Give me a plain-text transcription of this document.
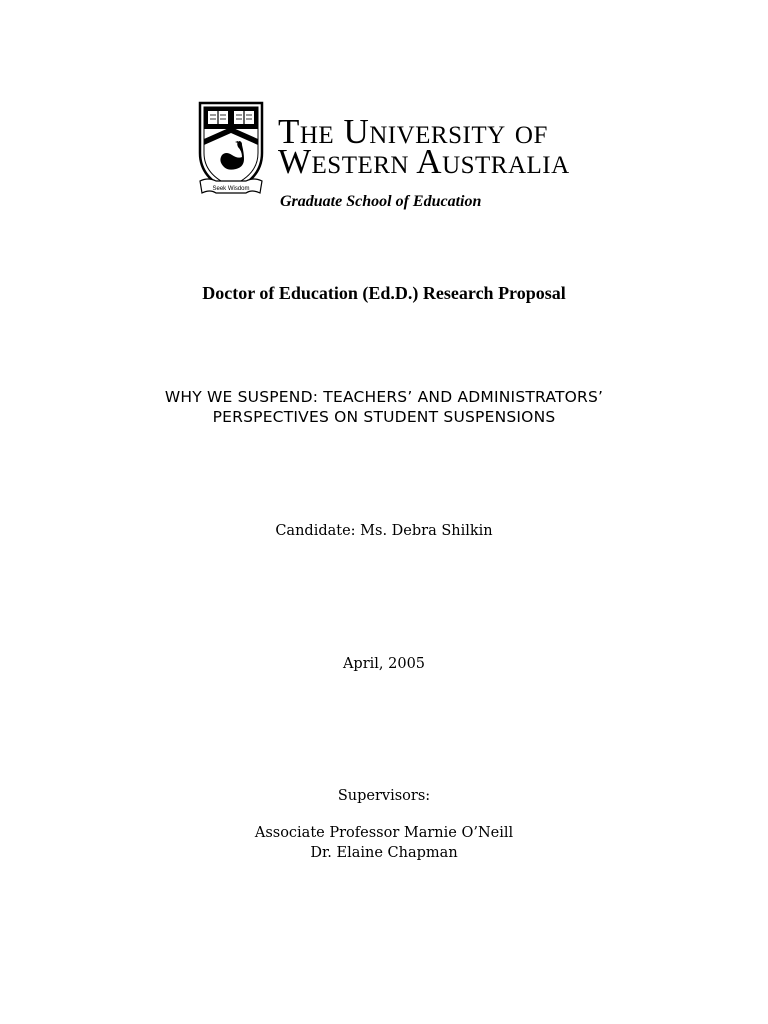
The University of
Western Australia
Graduate School of Education
Doctor of Education (Ed.D.) Research Proposal
WHY WE SUSPEND: TEACHERS’ AND ADMINISTRATORS’
PERSPECTIVES ON STUDENT SUSPENSIONS
Candidate: Ms. Debra Shilkin
April, 2005
Supervisors:
Associate Professor Marnie O’Neill
Dr. Elaine Chapman
Seek Wisdom
